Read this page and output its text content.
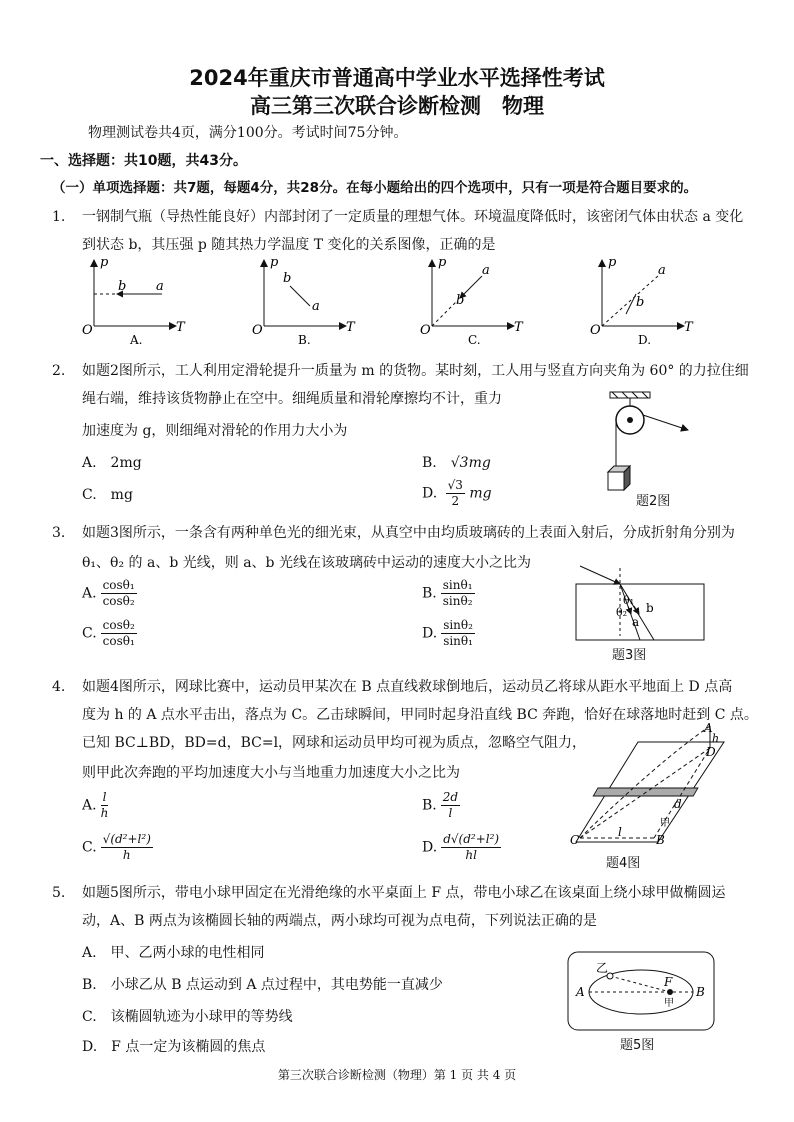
2024年重庆市普通高中学业水平选择性考试
高三第三次联合诊断检测　物理
物理测试卷共4页，满分100分。考试时间75分钟。
一、选择题：共10题，共43分。
（一）单项选择题：共7题，每题4分，共28分。在每小题给出的四个选项中，只有一项是符合题目要求的。
1. 一钢制气瓶（导热性能良好）内部封闭了一定质量的理想气体。环境温度降低时，该密闭气体由状态 a 变化
到状态 b，其压强 p 随其热力学温度 T 变化的关系图像，正确的是
p
T
O
b a
A.
p
T
O
b
a
B.
p
T
O
b
a
C.
p
T
O
a
b
D.
2. 如题2图所示，工人利用定滑轮提升一质量为 m 的货物。某时刻，工人用与竖直方向夹角为 60° 的力拉住细
绳右端，维持该货物静止在空中。细绳质量和滑轮摩擦均不计，重力
加速度为 g，则细绳对滑轮的作用力大小为
A.　2mg	B.　 √3mg
C.　mg	D. $\frac{√3}{2}$ mg	题2图
3. 如题3图所示，一条含有两种单色光的细光束，从真空中由均质玻璃砖的上表面入射后，分成折射角分别为
θ₁、θ₂ 的 a、b 光线，则 a、b 光线在该玻璃砖中运动的速度大小之比为
A. $\frac{\text{cosθ₁}}{\text{cosθ₂}}$	B. $\frac{\text{sinθ₁}}{\text{sinθ₂}}$
C. $\frac{\text{cosθ₂}}{\text{cosθ₁}}$	D. $\frac{\text{sinθ₂}}{\text{sinθ₁}}$
θ₁
θ₂
a
b
题3图
4. 如题4图所示，网球比赛中，运动员甲某次在 B 点直线救球倒地后，运动员乙将球从距水平地面上 D 点高
度为 h 的 A 点水平击出，落点为 C。乙击球瞬间，甲同时起身沿直线 BC 奔跑，恰好在球落地时赶到 C 点。
已知 BC⊥BD，BD=d，BC=l，网球和运动员甲均可视为质点，忽略空气阻力，
则甲此次奔跑的平均加速度大小与当地重力加速度大小之比为
A. $\frac{l}{h}$	B. $\frac{2d}{l}$
C. $\frac{\text{√(d²+l²)}}{h}$	D. $\frac{\text{d√(d²+l²)}}{hl}$
A
h
D
d
C
l
B
甲
题4图
5. 如题5图所示，带电小球甲固定在光滑绝缘的水平桌面上 F 点，带电小球乙在该桌面上绕小球甲做椭圆运
动，A、B 两点为该椭圆长轴的两端点，两小球均可视为点电荷，下列说法正确的是
A.　甲、乙两小球的电性相同
B.　小球乙从 B 点运动到 A 点过程中，其电势能一直减少
C.　该椭圆轨迹为小球甲的等势线
D.　F 点一定为该椭圆的焦点
乙
A
F
B
甲
题5图
第三次联合诊断检测（物理）第 1 页 共 4 页
